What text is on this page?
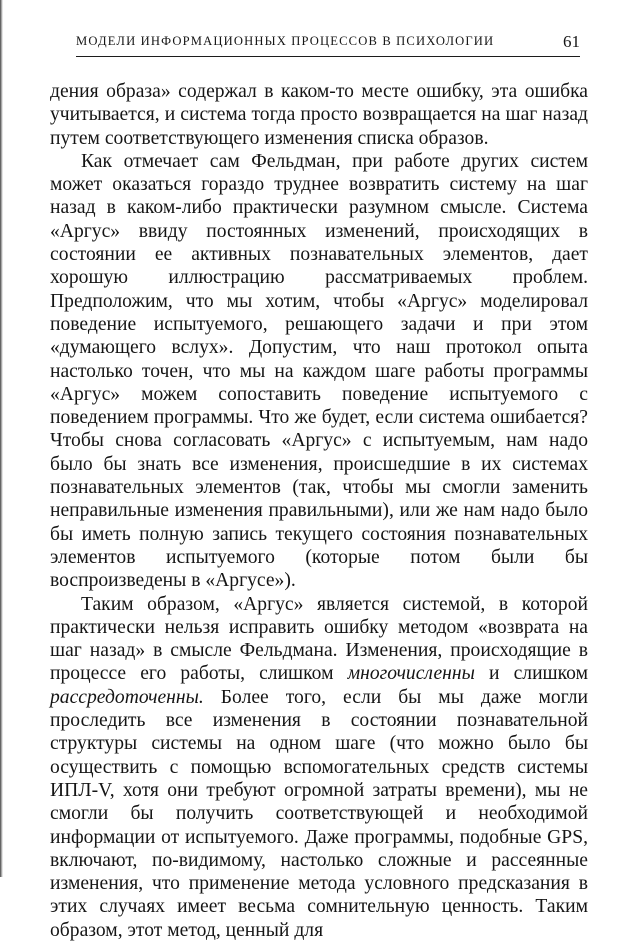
МОДЕЛИ ИНФОРМАЦИОННЫХ ПРОЦЕССОВ В ПСИХОЛОГИИ	61

дения образа» содержал в каком-то месте ошибку, эта ошибка учитывается, и система тогда просто возвращается на шаг назад путем соответствующего изменения списка образов.

Как отмечает сам Фельдман, при работе других систем может оказаться гораздо труднее возвратить систему на шаг назад в каком-либо практически разумном смысле. Система «Аргус» ввиду постоянных изменений, происходящих в состоянии ее активных познавательных элементов, дает хорошую иллюстрацию рассматриваемых проблем. Предположим, что мы хотим, чтобы «Аргус» моделировал поведение испытуемого, решающего задачи и при этом «думающего вслух». Допустим, что наш протокол опыта настолько точен, что мы на каждом шаге работы программы «Аргус» можем сопоставить поведение испытуемого с поведением программы. Что же будет, если система ошибается? Чтобы снова согласовать «Аргус» с испытуемым, нам надо было бы знать все изменения, происшедшие в их системах познавательных элементов (так, чтобы мы смогли заменить неправильные изменения правильными), или же нам надо было бы иметь полную запись текущего состояния познавательных элементов испытуемого (которые потом были бы воспроизведены в «Аргусе»).

Таким образом, «Аргус» является системой, в которой практически нельзя исправить ошибку методом «возврата на шаг назад» в смысле Фельдмана. Изменения, происходящие в процессе его работы, слишком многочисленны и слишком рассредоточенны. Более того, если бы мы даже могли проследить все изменения в состоянии познавательной структуры системы на одном шаге (что можно было бы осуществить с помощью вспомогательных средств системы ИПЛ-V, хотя они требуют огромной затраты времени), мы не смогли бы получить соответствующей и необходимой информации от испытуемого. Даже программы, подобные GPS, включают, по-видимому, настолько сложные и рассеянные изменения, что применение метода условного предсказания в этих случаях имеет весьма сомнительную ценность. Таким образом, этот метод, ценный для
